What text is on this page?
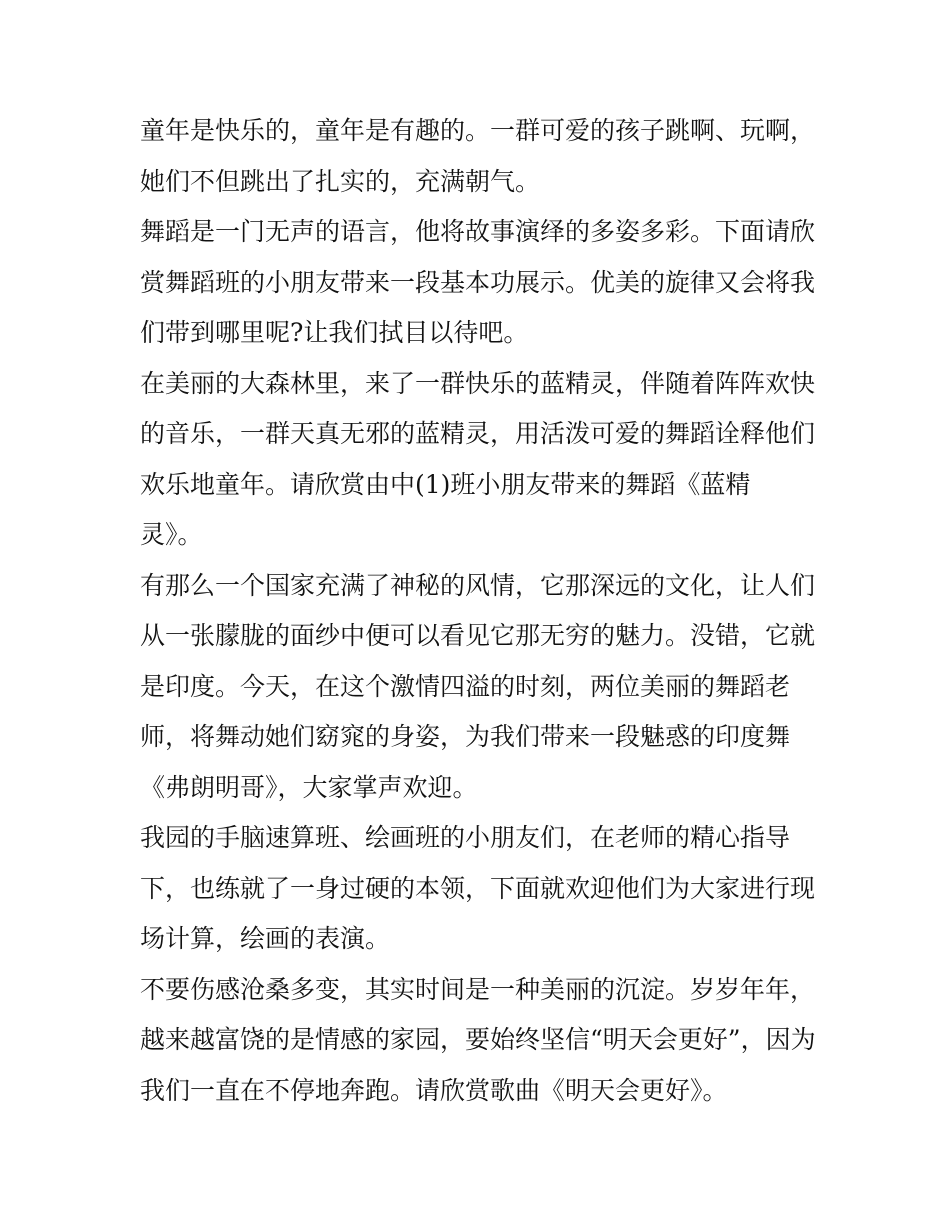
童年是快乐的，童年是有趣的。一群可爱的孩子跳啊、玩啊，
她们不但跳出了扎实的，充满朝气。
舞蹈是一门无声的语言，他将故事演绎的多姿多彩。下面请欣
赏舞蹈班的小朋友带来一段基本功展示。优美的旋律又会将我
们带到哪里呢?让我们拭目以待吧。
在美丽的大森林里，来了一群快乐的蓝精灵，伴随着阵阵欢快
的音乐，一群天真无邪的蓝精灵，用活泼可爱的舞蹈诠释他们
欢乐地童年。请欣赏由中(1)班小朋友带来的舞蹈《蓝精
灵》。
有那么一个国家充满了神秘的风情，它那深远的文化，让人们
从一张朦胧的面纱中便可以看见它那无穷的魅力。没错，它就
是印度。今天，在这个激情四溢的时刻，两位美丽的舞蹈老
师，将舞动她们窈窕的身姿，为我们带来一段魅惑的印度舞
《弗朗明哥》，大家掌声欢迎。
我园的手脑速算班、绘画班的小朋友们，在老师的精心指导
下，也练就了一身过硬的本领，下面就欢迎他们为大家进行现
场计算，绘画的表演。
不要伤感沧桑多变，其实时间是一种美丽的沉淀。岁岁年年，
越来越富饶的是情感的家园，要始终坚信“明天会更好”，因为
我们一直在不停地奔跑。请欣赏歌曲《明天会更好》。
